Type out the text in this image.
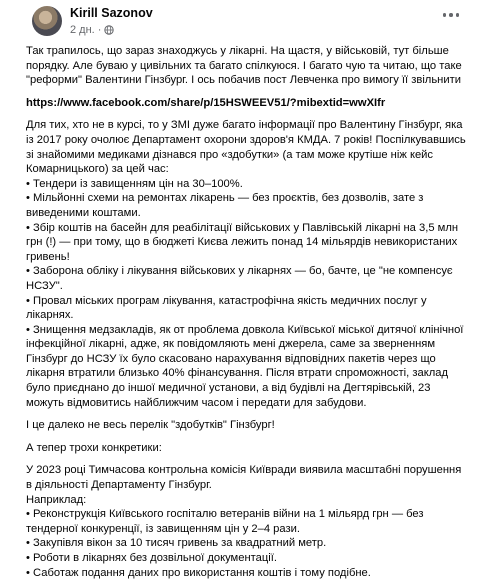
Kirill Sazonov
2 дн. ·

Так трапилось, що зараз знаходжусь у лікарні. На щастя, у військовій, тут більше порядку. Але буваю у цивільних та багато спілкуюся. І багато чую та читаю, що таке "реформи" Валентини Гінзбург. І ось побачив пост Левченка про вимогу її звільнити

https://www.facebook.com/share/p/15HSWEEV51/?mibextid=wwXIfr

Для тих, хто не в курсі, то у ЗМІ дуже багато інформації про Валентину Гінзбург, яка із 2017 року очолює Департамент охорони здоров'я КМДА. 7 років! Поспілкувавшись зі знайомими медиками дізнався про «здобутки» (а там може крутіше ніж кейс Комарницького) за цей час:

• Тендери із завищенням цін на 30–100%.
• Мільйонні схеми на ремонтах лікарень — без проєктів, без дозволів, зате з виведеними коштами.
• Збір коштів на басейн для реабілітації військових у Павлівській лікарні на 3,5 млн грн (!) — при тому, що в бюджеті Києва лежить понад 14 мільярдів невикористаних гривень!
• Заборона обліку і лікування військових у лікарнях — бо, бачте, це "не компенсує НСЗУ".
• Провал міських програм лікування, катастрофічна якість медичних послуг у лікарнях.
• Знищення медзакладів, як от проблема довкола Київської міської дитячої клінічної інфекційної лікарні, адже, як повідомляють мені джерела, саме за зверненням Гінзбург до НСЗУ їх було скасовано нарахування відповідних пакетів через що лікарня втратили близько 40% фінансування. Після втрати спроможності, заклад було приєднано до іншої медичної установи, а від будівлі на Дегтярівській, 23 можуть відмовитись найближчим часом і передати для забудови.

І це далеко не весь перелік "здобутків" Гінзбург!

А тепер трохи конкретики:

У 2023 році Тимчасова контрольна комісія Київради виявила масштабні порушення в діяльності Департаменту Гінзбург.

Наприклад:
• Реконструкція Київського госпіталю ветеранів війни на 1 мільярд грн — без тендерної конкуренції, із завищенням цін у 2–4 рази.
• Закупівля вікон за 10 тисяч гривень за квадратний метр.
• Роботи в лікарнях без дозвільної документації.
• Саботаж подання даних про використання коштів і тому подібне.
